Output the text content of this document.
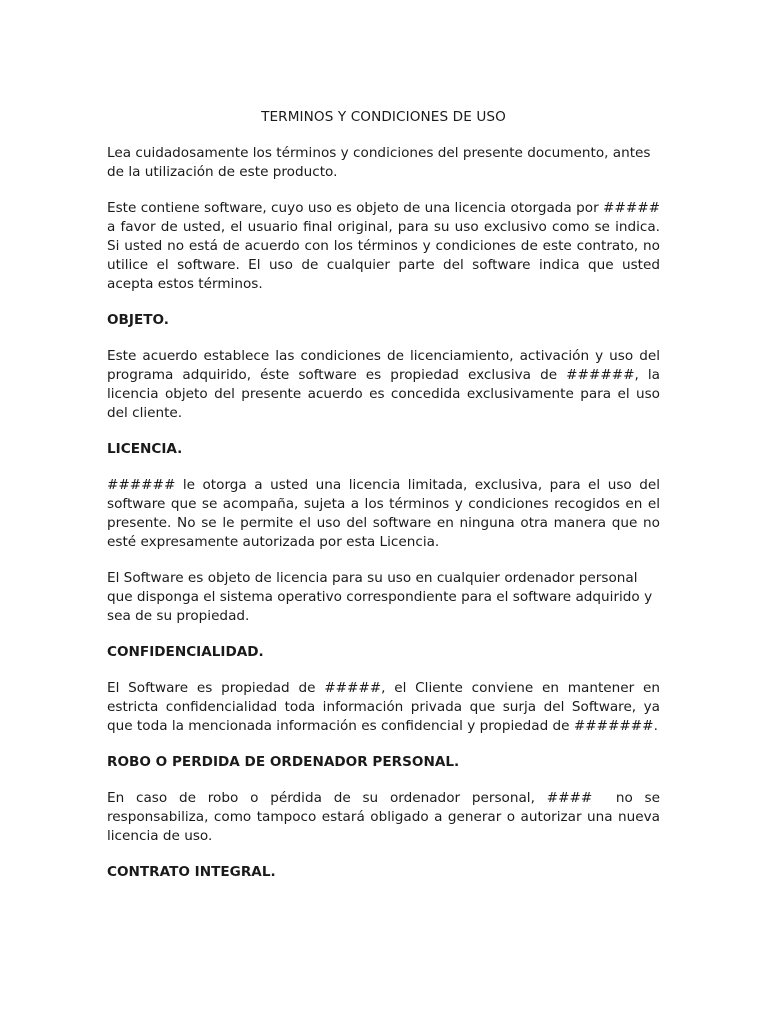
TERMINOS Y CONDICIONES DE USO
Lea cuidadosamente los términos y condiciones del presente documento, antes de la utilización de este producto.
Este contiene software, cuyo uso es objeto de una licencia otorgada por ##### a favor de usted, el usuario final original, para su uso exclusivo como se indica. Si usted no está de acuerdo con los términos y condiciones de este contrato, no utilice el software. El uso de cualquier parte del software indica que usted acepta estos términos.
OBJETO.
Este acuerdo establece las condiciones de licenciamiento, activación y uso del programa adquirido, éste software es propiedad exclusiva de ######, la licencia objeto del presente acuerdo es concedida exclusivamente para el uso del cliente.
LICENCIA.
###### le otorga a usted una licencia limitada, exclusiva, para el uso del software que se acompaña, sujeta a los términos y condiciones recogidos en el presente. No se le permite el uso del software en ninguna otra manera que no esté expresamente autorizada por esta Licencia.
El Software es objeto de licencia para su uso en cualquier ordenador personal que disponga el sistema operativo correspondiente para el software adquirido y sea de su propiedad.
CONFIDENCIALIDAD.
El Software es propiedad de #####, el Cliente conviene en mantener en estricta confidencialidad toda información privada que surja del Software, ya que toda la mencionada información es confidencial y propiedad de #######.
ROBO O PERDIDA DE ORDENADOR PERSONAL.
En caso de robo o pérdida de su ordenador personal, ####  no se responsabiliza, como tampoco estará obligado a generar o autorizar una nueva licencia de uso.
CONTRATO INTEGRAL.
